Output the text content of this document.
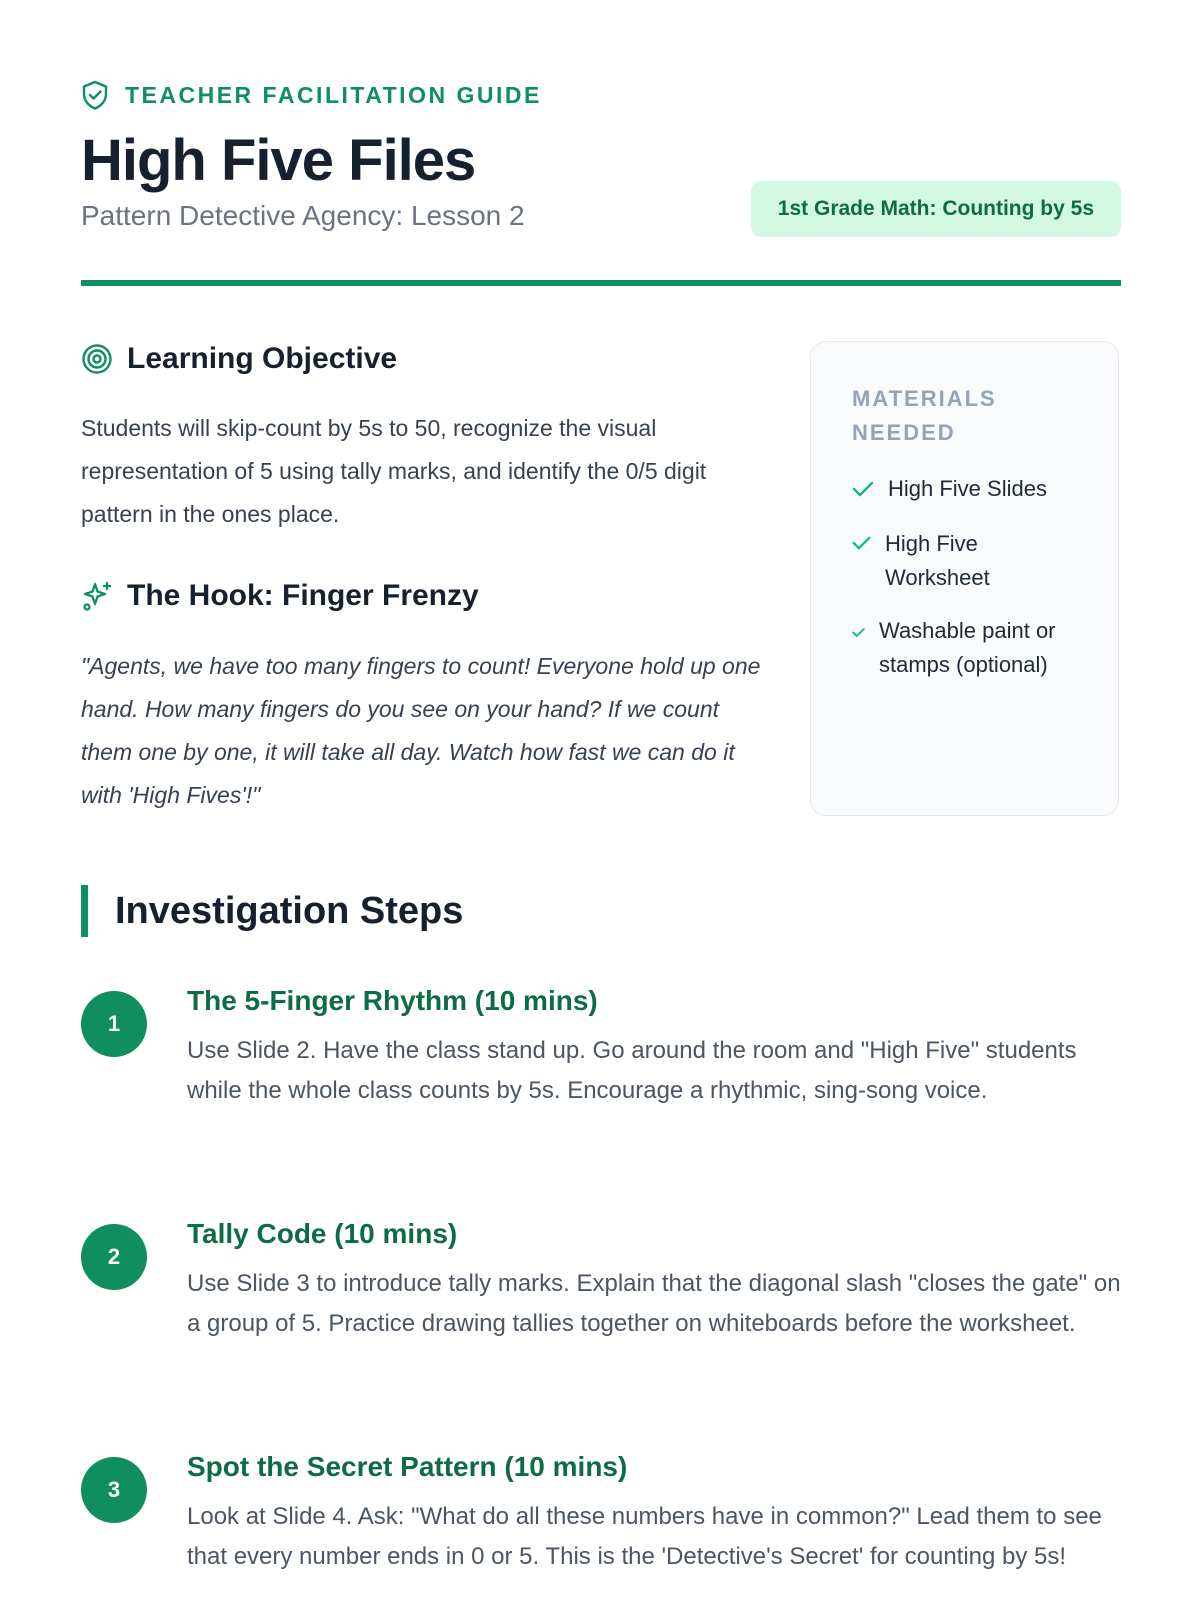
TEACHER FACILITATION GUIDE
High Five Files
Pattern Detective Agency: Lesson 2	1st Grade Math: Counting by 5s
Learning Objective

Students will skip-count by 5s to 50, recognize the visual representation of 5 using tally marks, and identify the 0/5 digit pattern in the ones place.

The Hook: Finger Frenzy

"Agents, we have too many fingers to count! Everyone hold up one hand. How many fingers do you see on your hand? If we count them one by one, it will take all day. Watch how fast we can do it with 'High Fives'!"

MATERIALS NEEDED
High Five Slides
High Five Worksheet
Washable paint or stamps (optional)
Investigation Steps
1
The 5-Finger Rhythm (10 mins)

Use Slide 2. Have the class stand up. Go around the room and "High Five" students while the whole class counts by 5s. Encourage a rhythmic, sing-song voice.

2
Tally Code (10 mins)

Use Slide 3 to introduce tally marks. Explain that the diagonal slash "closes the gate" on a group of 5. Practice drawing tallies together on whiteboards before the worksheet.

3
Spot the Secret Pattern (10 mins)

Look at Slide 4. Ask: "What do all these numbers have in common?" Lead them to see that every number ends in 0 or 5. This is the 'Detective's Secret' for counting by 5s!
